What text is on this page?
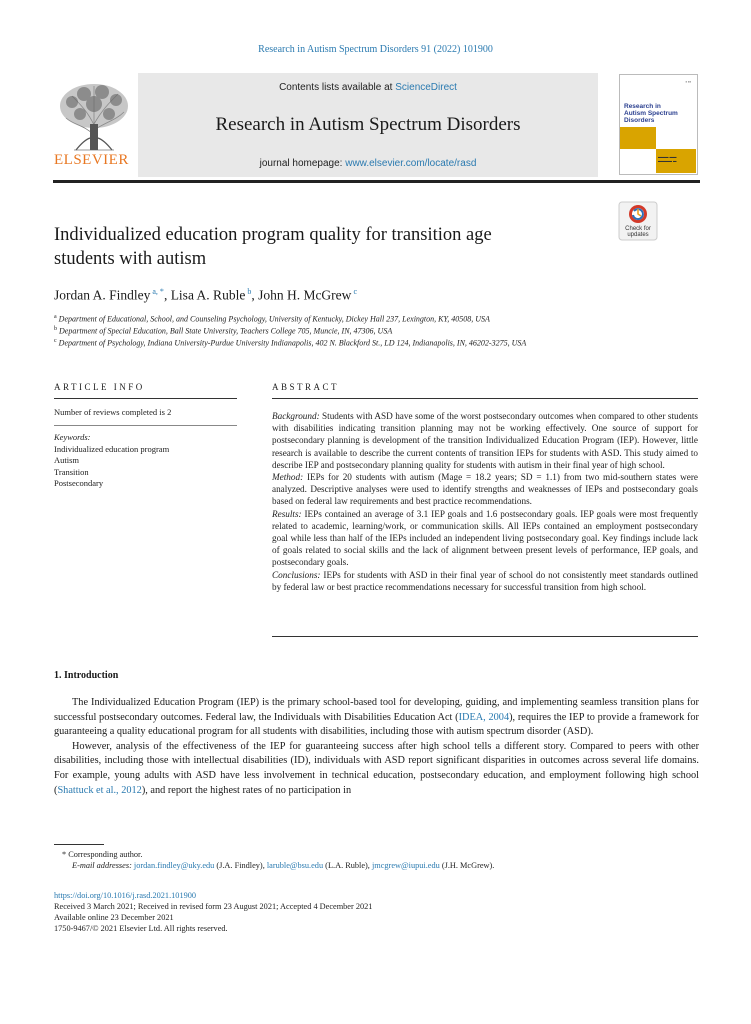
Research in Autism Spectrum Disorders 91 (2022) 101900
ELSEVIER
Contents lists available at ScienceDirect
Research in Autism Spectrum Disorders
journal homepage: www.elsevier.com/locate/rasd
▪ ▪▪
Research in
Autism Spectrum
Disorders
▬▬▬ ▬▬
▬▬▬▬ ▬
Check for
updates
Individualized education program quality for transition age
students with autism
Jordan A. Findley $^{a, *}$, Lisa A. Ruble $^b$, John H. McGrew $^c$
$^a$ Department of Educational, School, and Counseling Psychology, University of Kentucky, Dickey Hall 237, Lexington, KY, 40508, USA
$^b$ Department of Special Education, Ball State University, Teachers College 705, Muncie, IN, 47306, USA
$^c$ Department of Psychology, Indiana University-Purdue University Indianapolis, 402 N. Blackford St., LD 124, Indianapolis, IN, 46202-3275, USA
ARTICLE INFO	ABSTRACT
Number of reviews completed is 2
Keywords:
Individualized education program
Autism
Transition
Postsecondary

Background: Students with ASD have some of the worst postsecondary outcomes when compared to other students with disabilities indicating transition planning may not be working effectively. One source of support for postsecondary planning is development of the transition Individualized Education Program (IEP). However, little research is available to describe the current contents of transition IEPs for students with ASD. This study aimed to describe IEP and postsecondary planning quality for students with autism in their final year of high school.

Method: IEPs for 20 students with autism (Mage = 18.2 years; SD = 1.1) from two mid-southern states were analyzed. Descriptive analyses were used to identify strengths and weaknesses of IEPs and postsecondary goals based on federal law requirements and best practice recommendations.

Results: IEPs contained an average of 3.1 IEP goals and 1.6 postsecondary goals. IEP goals were most frequently related to academic, learning/work, or communication skills. All IEPs contained an employment postsecondary goal while less than half of the IEPs included an independent living postsecondary goal. Key findings include lack of goals related to social skills and the lack of alignment between present levels of performance, IEP goals, and postsecondary goals.

Conclusions: IEPs for students with ASD in their final year of school do not consistently meet standards outlined by federal law or best practice recommendations necessary for successful transition from high school.

1. Introduction

The Individualized Education Program (IEP) is the primary school-based tool for developing, guiding, and implementing seamless transition plans for successful postsecondary outcomes. Federal law, the Individuals with Disabilities Education Act (IDEA, 2004), requires the IEP to provide a framework for guaranteeing a quality educational program for all students with disabilities, including those with autism spectrum disorder (ASD).

However, analysis of the effectiveness of the IEP for guaranteeing success after high school tells a different story. Compared to peers with other disabilities, including those with intellectual disabilities (ID), individuals with ASD report significant disparities in outcomes across several life domains. For example, young adults with ASD have less involvement in technical education, postsecondary education, and employment following high school (Shattuck et al., 2012), and report the highest rates of no participation in

* Corresponding author.
E-mail addresses: jordan.findley@uky.edu (J.A. Findley), laruble@bsu.edu (L.A. Ruble), jmcgrew@iupui.edu (J.H. McGrew).
https://doi.org/10.1016/j.rasd.2021.101900
Received 3 March 2021; Received in revised form 23 August 2021; Accepted 4 December 2021
Available online 23 December 2021
1750-9467/© 2021 Elsevier Ltd. All rights reserved.
